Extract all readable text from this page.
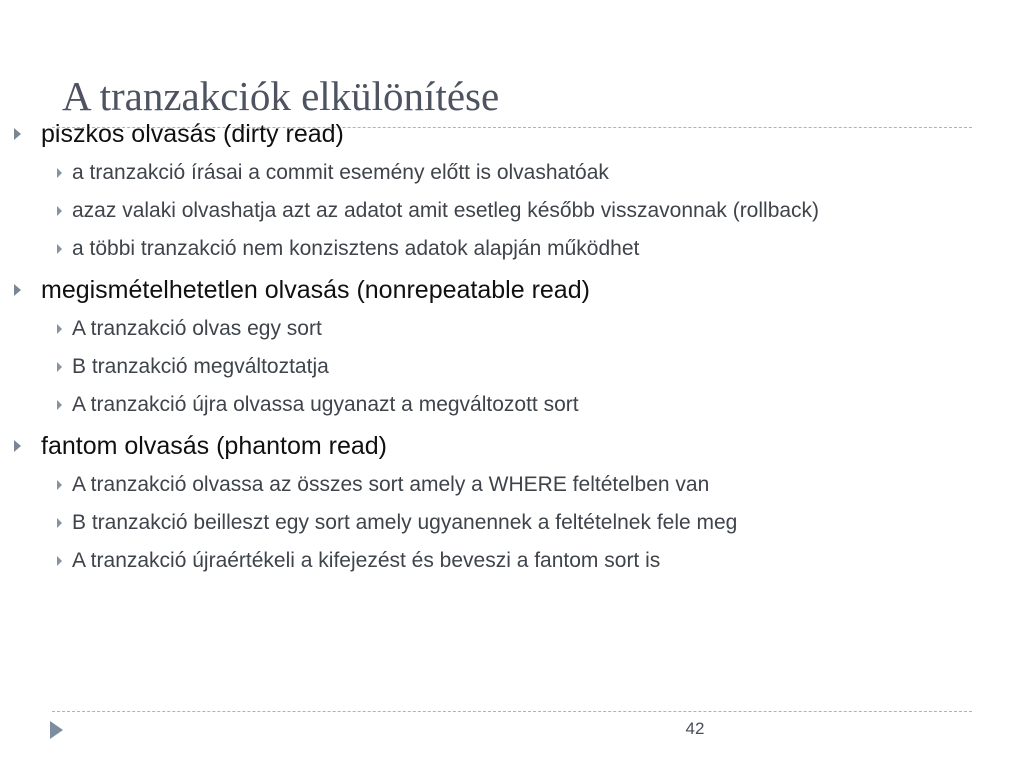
A tranzakciók elkülönítése
piszkos olvasás (dirty read)
a tranzakció írásai a commit esemény előtt is olvashatóak
azaz valaki olvashatja azt az adatot amit esetleg később visszavonnak (rollback)
a többi tranzakció nem konzisztens adatok alapján működhet
megismételhetetlen olvasás (nonrepeatable read)
A tranzakció olvas egy sort
B tranzakció megváltoztatja
A tranzakció újra olvassa ugyanazt a megváltozott sort
fantom olvasás (phantom read)
A tranzakció olvassa az összes sort amely a WHERE feltételben van
B tranzakció beilleszt egy sort amely ugyanennek a feltételnek fele meg
A tranzakció újraértékeli a kifejezést és beveszi a fantom sort is
42
